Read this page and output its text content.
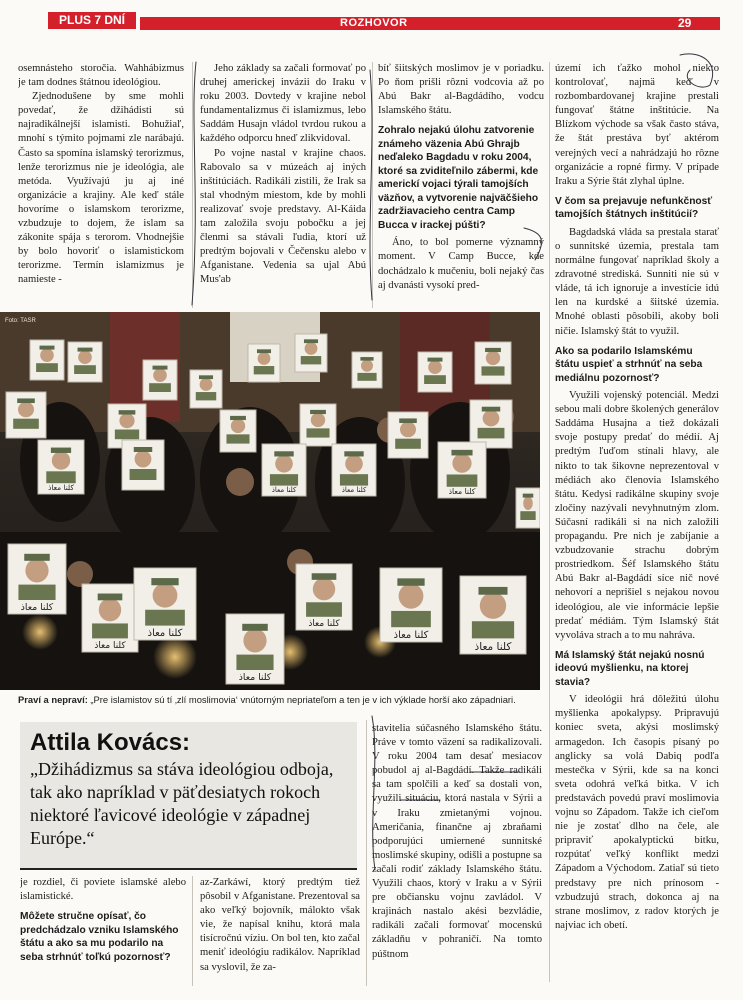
PLUS 7 DNÍ	ROZHOVOR	29

osemnásteho storočia. Wahhábizmus je tam dodnes štátnou ideológiou.

Zjednodušene by sme mohli povedať, že džihádisti sú najradikálnejší islamisti. Bohužiaľ, mnohí s týmito pojmami zle narábajú. Často sa spomína islamský terorizmus, lenže terorizmus nie je ideológia, ale metóda. Využívajú ju aj iné organizácie a krajiny. Ale keď stále hovoríme o islamskom terorizme, vzbudzuje to dojem, že islam sa zákonite spája s terorom. Vhodnejšie by bolo hovoriť o islamistickom terorizme. Termín islamizmus je namieste -

Jeho základy sa začali formovať po druhej americkej invázii do Iraku v roku 2003. Dovtedy v krajine nebol fundamentalizmus či islamizmus, lebo Saddám Husajn vládol tvrdou rukou a každého odporcu hneď zlikvidoval.

Po vojne nastal v krajine chaos. Rabovalo sa v múzeách aj iných inštitúciách. Radikáli zistili, že Irak sa stal vhodným miestom, kde by mohli realizovať svoje predstavy. Al-Káida tam založila svoju pobočku a jej členmi sa stávali ľudia, ktorí už predtým bojovali v Čečensku alebo v Afganistane. Vedenia sa ujal Abú Mus'ab

bíť šiitských moslimov je v poriadku. Po ňom prišli rôzni vodcovia až po Abú Bakr al-Bagdádího, vodcu Islamského štátu.

Zohralo nejakú úlohu zatvorenie známeho väzenia Abú Ghrajb neďaleko Bagdadu v roku 2004, ktoré sa zviditeľnilo zábermi, kde americkí vojaci týrali tamojších väzňov, a vytvorenie najväčšieho zadržiavacieho centra Camp Bucca v irackej púšti?

Áno, to bol pomerne významný moment. V Camp Bucce, kde dochádzalo k mučeniu, boli nejaký čas aj dvanásti vysokí pred-

území ich ťažko mohol niekto kontrolovať, najmä keď v rozbombardovanej krajine prestali fungovať štátne inštitúcie. Na Blízkom východe sa však často stáva, že štát prestáva byť aktérom verejných vecí a nahrádzajú ho rôzne organizácie a ropné firmy. V prípade Iraku a Sýrie štát zlyhal úplne.

V čom sa prejavuje nefunkčnosť tamojších štátnych inštitúcií?

Bagdadská vláda sa prestala starať o sunnitské územia, prestala tam normálne fungovať napríklad školy a zdravotné strediská. Sunniti nie sú v vláde, tá ich ignoruje a investície idú len na kurdské a šiitské územia. Mnohé oblasti pôsobili, akoby boli ničie. Islamský štát to využil.

Ako sa podarilo Islamskému štátu uspieť a strhnúť na seba mediálnu pozornosť?

Využili vojenský potenciál. Medzi sebou mali dobre školených generálov Saddáma Husajna a tiež dokázali svoje postupy predať do médií. Aj predtým ľuďom stínali hlavy, ale nikto to tak šikovne neprezentoval v médiách ako členovia Islamského štátu. Kedysi radikálne skupiny svoje zločiny nazývali nevyhnutným zlom. Súčasní radikáli si na nich založili propagandu. Pre nich je zabíjanie a vzbudzovanie strachu dobrým prostriedkom. Šéf Islamského štátu Abú Bakr al-Bagdádí síce nič nové nehovorí a neprišiel s nejakou novou ideológiou, ale vie informácie lepšie predať médiám. Tým Islamský štát vyvoláva strach a to mu nahráva.

Má Islamský štát nejakú nosnú ideovú myšlienku, na ktorej stavia?

V ideológii hrá dôležitú úlohu myšlienka apokalypsy. Pripravujú koniec sveta, akýsi moslimský armagedon. Ich časopis písaný po anglicky sa volá Dabiq podľa mestečka v Sýrii, kde sa na konci sveta odohrá veľká bitka. V ich predstavách povedú praví moslimovia vojnu so Západom. Takže ich cieľom nie je zostať dlho na čele, ale pripraviť apokalyptickú bitku, rozpútať veľký konflikt medzi Západom a Východom. Zatiaľ sú tieto predstavy pre nich prínosom - vzbudzujú strach, dokonca aj na strane moslimov, z radov ktorých je najviac ich obetí.

كلنا معاذ	كلنا معاذ	كلنا معاذ	كلنا معاذ
كلنا معاذ
كلنا معاذ
كلنا معاذ
كلنا معاذ
كلنا معاذ
كلنا معاذ
كلنا معاذ
Foto: TASR
Praví a nepraví: „Pre islamistov sú tí ‚zlí moslimovia‘ vnútorným nepriateľom a ten je v ich výklade horší ako západniari.
Attila Kovács:
„Džihádizmus sa stáva ideológiou odboja, tak ako napríklad v päťdesiatych rokoch niektoré ľavicové ideológie v západnej Európe.“

je rozdiel, či poviete islamské alebo islamistické.

Môžete stručne opísať, čo predchádzalo vzniku Islamského štátu a ako sa mu podarilo na seba strhnúť toľkú pozornosť?

az-Zarkáwí, ktorý predtým tiež pôsobil v Afganistane. Prezentoval sa ako veľký bojovník, málokto však vie, že napísal knihu, ktorá mala tisícročnú víziu. On bol ten, kto začal meniť ideológiu radikálov. Napríklad sa vyslovil, že za-

stavitelia súčasného Islamského štátu. Práve v tomto väzení sa radikalizovali. V roku 2004 tam desať mesiacov pobudol aj al-Bagdádí. Takže radikáli sa tam spolčili a keď sa dostali von, využili situáciu, ktorá nastala v Sýrii a v Iraku zmietanými vojnou. Američania, finančne aj zbraňami podporujúci umiernené sunnitské moslimské skupiny, odišli a postupne sa začali rodiť základy Islamského štátu. Využili chaos, ktorý v Iraku a v Sýrii pre občiansku vojnu zavládol. V krajinách nastalo akési bezvládie, radikáli začali formovať mocenskú základňu v pohraničí. Na tomto púštnom
